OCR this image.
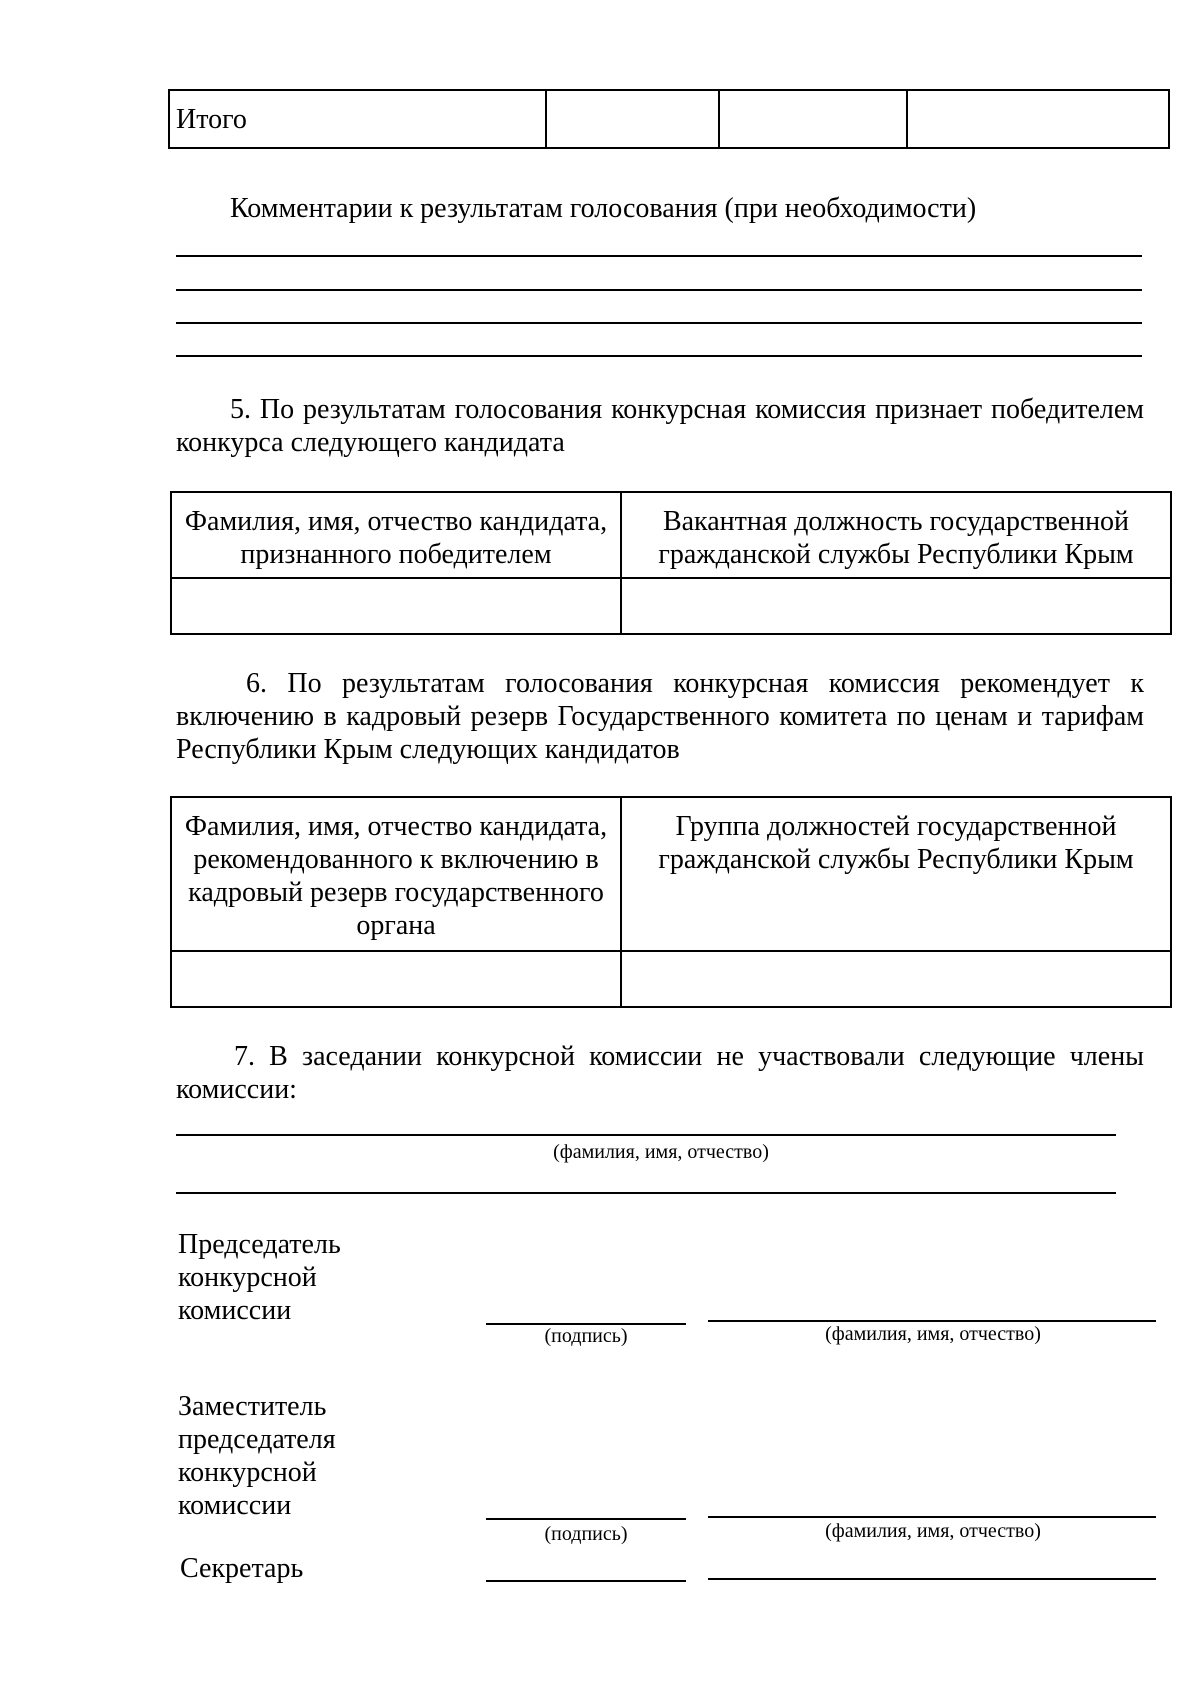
Итого			
Комментарии к результатам голосования (при необходимости)
5. По результатам голосования конкурсная комиссия признает победителем конкурса следующего кандидата
Фамилия, имя, отчество кандидата, признанного победителем	Вакантная должность государственной гражданской службы Республики Крым

6. По результатам голосования конкурсная комиссия рекомендует к включению в кадровый резерв Государственного комитета по ценам и тарифам Республики Крым следующих кандидатов
Фамилия, имя, отчество кандидата, рекомендованного к включению в кадровый резерв государственного органа	Группа должностей государственной гражданской службы Республики Крым

7. В заседании конкурсной комиссии не участвовали следующие члены комиссии:
(фамилия, имя, отчество)
Председатель конкурсной комиссии
(подпись)	(фамилия, имя, отчество)
Заместитель председателя конкурсной комиссии
(подпись)	(фамилия, имя, отчество)
Секретарь
